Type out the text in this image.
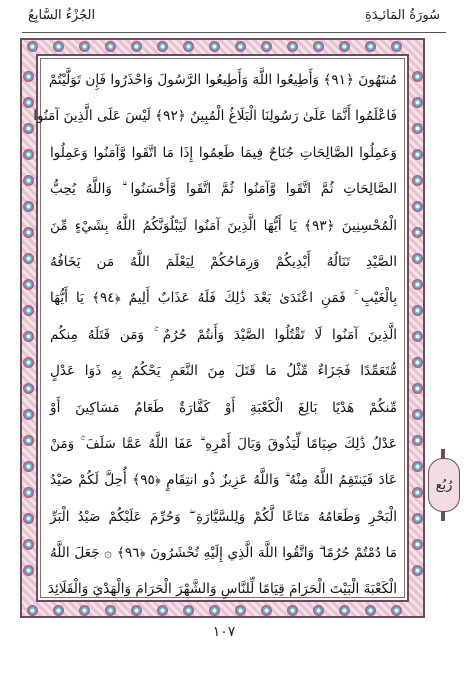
الجُزْءُ السَّابِعُ	سُورَةُ المَائـِدَةِ
مُنتَهُونَ ﴿٩١﴾ وَأَطِيعُوا اللَّهَ وَأَطِيعُوا الرَّسُولَ وَاحْذَرُوا فَإِن تَوَلَّيْتُمْ
فَاعْلَمُوا أَنَّمَا عَلَىٰ رَسُولِنَا الْبَلَاغُ الْمُبِينُ ﴿٩٢﴾ لَيْسَ عَلَى الَّذِينَ آمَنُوا
وَعَمِلُوا الصَّالِحَاتِ جُنَاحٌ فِيمَا طَعِمُوا إِذَا مَا اتَّقَوا وَّآمَنُوا وَعَمِلُوا
الصَّالِحَاتِ ثُمَّ اتَّقَوا وَّآمَنُوا ثُمَّ اتَّقَوا وَّأَحْسَنُوا ۗ وَاللَّهُ يُحِبُّ
الْمُحْسِنِينَ ﴿٩٣﴾ يَا أَيُّهَا الَّذِينَ آمَنُوا لَيَبْلُوَنَّكُمُ اللَّهُ بِشَيْءٍ مِّنَ
الصَّيْدِ تَنَالُهُ أَيْدِيكُمْ وَرِمَاحُكُمْ لِيَعْلَمَ اللَّهُ مَن يَخَافُهُ
بِالْغَيْبِ ۚ فَمَنِ اعْتَدَىٰ بَعْدَ ذَٰلِكَ فَلَهُ عَذَابٌ أَلِيمٌ ﴿٩٤﴾ يَا أَيُّهَا
الَّذِينَ آمَنُوا لَا تَقْتُلُوا الصَّيْدَ وَأَنتُمْ حُرُمٌ ۚ وَمَن قَتَلَهُ مِنكُم
مُّتَعَمِّدًا فَجَزَاءٌ مِّثْلُ مَا قَتَلَ مِنَ النَّعَمِ يَحْكُمُ بِهِ ذَوَا عَدْلٍ
مِّنكُمْ هَدْيًا بَالِغَ الْكَعْبَةِ أَوْ كَفَّارَةٌ طَعَامُ مَسَاكِينَ أَوْ
عَدْلُ ذَٰلِكَ صِيَامًا لِّيَذُوقَ وَبَالَ أَمْرِهِ ۗ عَفَا اللَّهُ عَمَّا سَلَفَ ۚ وَمَنْ
عَادَ فَيَنتَقِمُ اللَّهُ مِنْهُ ۗ وَاللَّهُ عَزِيزٌ ذُو انتِقَامٍ ﴿٩٥﴾ أُحِلَّ لَكُمْ صَيْدُ
الْبَحْرِ وَطَعَامُهُ مَتَاعًا لَّكُمْ وَلِلسَّيَّارَةِ ۖ وَحُرِّمَ عَلَيْكُمْ صَيْدُ الْبَرِّ
مَا دُمْتُمْ حُرُمًا ۗ وَاتَّقُوا اللَّهَ الَّذِي إِلَيْهِ تُحْشَرُونَ ﴿٩٦﴾ ۞ جَعَلَ اللَّهُ
الْكَعْبَةَ الْبَيْتَ الْحَرَامَ قِيَامًا لِّلنَّاسِ وَالشَّهْرَ الْحَرَامَ وَالْهَدْيَ وَالْقَلَائِدَ
رُبُع
١٠٧
